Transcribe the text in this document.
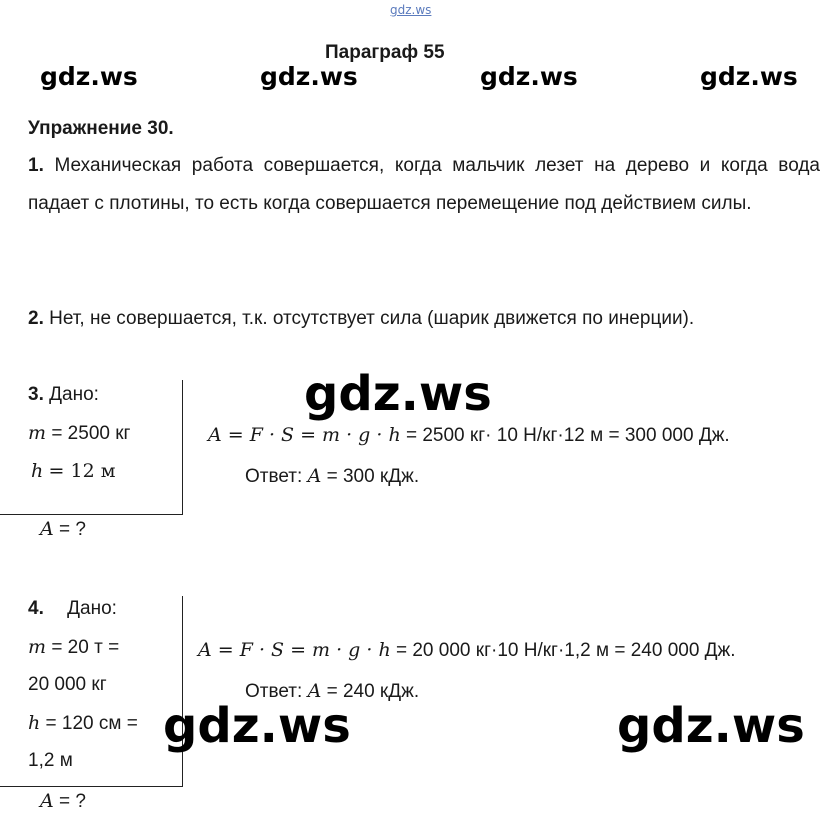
gdz.ws
gdz.ws	gdz.ws	gdz.ws	gdz.ws
Параграф 55
Упражнение 30.
1. Механическая работа совершается, когда мальчик лезет на дерево и когда вода падает с плотины, то есть когда совершается перемещение под действием силы.
2. Нет, не совершается, т.к. отсутствует сила (шарик движется по инерции).
3. Дано:
m = 2500 кг
h = 12 м
A = ?
gdz.ws
A = F · S = m · g · h = 2500 кг· 10 Н/кг·12 м = 300 000 Дж.
Ответ: A = 300 кДж.
4. Дано:
m = 20 т =
20 000 кг
h = 120 см =
1,2 м
A = ?
A = F · S = m · g · h = 20 000 кг·10 Н/кг·1,2 м = 240 000 Дж.
Ответ: A = 240 кДж.
gdz.ws	gdz.ws
